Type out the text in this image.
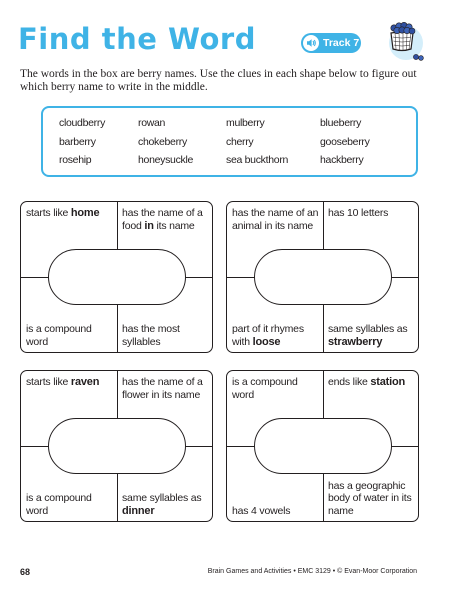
Find the Word	Track 7
The words in the box are berry names. Use the clues in each shape below to figure out which berry name to write in the middle.
cloudberry	rowan	mulberry	blueberry
barberry	chokeberry	cherry	gooseberry
rosehip	honeysuckle	sea buckthorn	hackberry
starts like home	has the name of a food in its name
is a compound word
has the most syllables
has the name of an animal in its name
has 10 letters
part of it rhymes with loose
same syllables as strawberry
starts like raven	has the name of a flower in its name
is a compound word
same syllables as dinner
is a compound word
ends like station
has 4 vowels
has a geographic body of water in its name
68	Brain Games and Activities • EMC 3129 • © Evan-Moor Corporation
